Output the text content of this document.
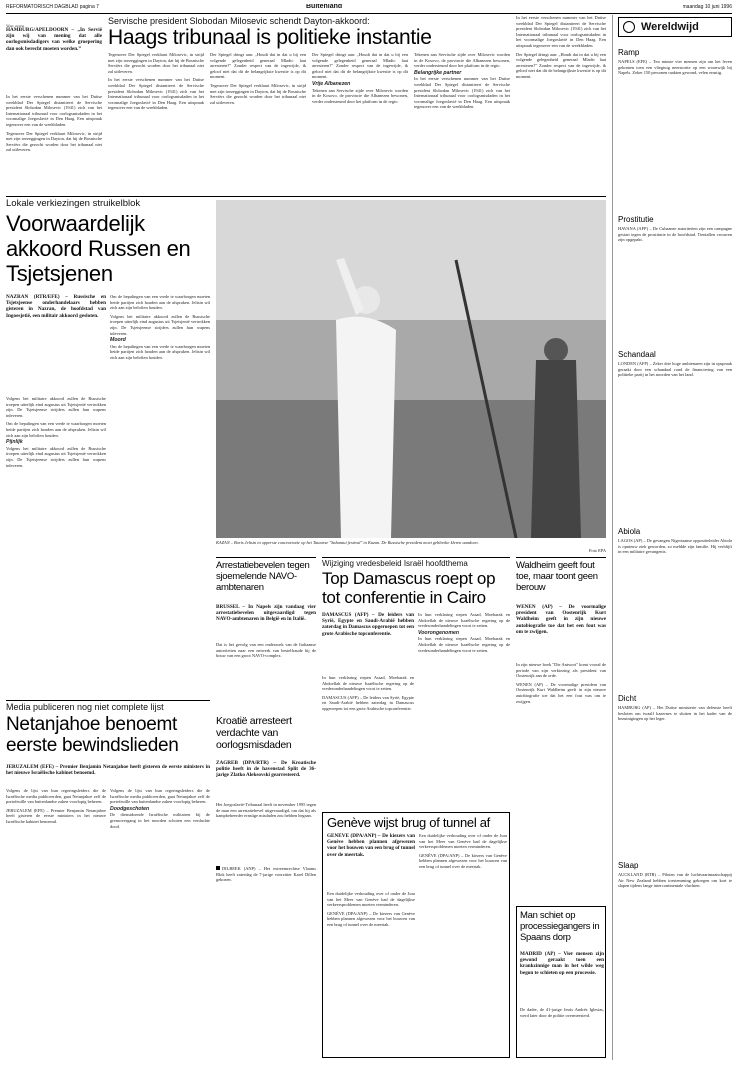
REFORMATORISCH DAGBLAD pagina 7	Buitenland	maandag 10 juni 1996
Servische president Slobodan Milosevic schendt Dayton-akkoord:
Haags tribunaal is politieke instantie
HAMBURG/APELDOORN – „In Servië zijn wij van mening dat alle oorlogsmisdadigers van welke groepering dan ook berecht moeten worden.”

In het eerste verschenen nummer van het Duitse weekblad Der Spiegel distantieert de Servische president Slobodan Milosevic (1941) zich van het Internationaal tribunaal voor oorlogsmisdaden in het voormalige Joegoslavië in Den Haag. Een uitspraak tegenover een van de weekbladen.

Tegenover Der Spiegel verklaart Milosevic, in strijd met zijn toezeggingen in Dayton, dat hij de Bosnische Serviërs die gezocht worden door het tribunaal niet zal uitleveren.

Tegenover Der Spiegel verklaart Milosevic, in strijd met zijn toezeggingen in Dayton, dat hij de Bosnische Serviërs die gezocht worden door het tribunaal niet zal uitleveren.

In het eerste verschenen nummer van het Duitse weekblad Der Spiegel distantieert de Servische president Slobodan Milosevic (1941) zich van het Internationaal tribunaal voor oorlogsmisdaden in het voormalige Joegoslavië in Den Haag. Een uitspraak tegenover een van de weekbladen.

Der Spiegel dringt aan: „Houdt dat in dat u bij een volgende gelegenheid generaal Mladic laat arresteren?” Zonder respect van de ingewijde, ik geloof niet dat dit de belangrijkste kwestie is op dit moment.

Tegenover Der Spiegel verklaart Milosevic, in strijd met zijn toezeggingen in Dayton, dat hij de Bosnische Serviërs die gezocht worden door het tribunaal niet zal uitleveren.

Der Spiegel dringt aan: „Houdt dat in dat u bij een volgende gelegenheid generaal Mladic laat arresteren?” Zonder respect van de ingewijde, ik geloof niet dat dit de belangrijkste kwestie is op dit moment.

Vrije Albanezen

Tekenen aan Servische zijde over Milosevic worden in de Kosovo, de provincie die Albanezen bewonen, verder ondersteund door het platform in de regio.

Tekenen aan Servische zijde over Milosevic worden in de Kosovo, de provincie die Albanezen bewonen, verder ondersteund door het platform in de regio.

Belangrijke partner

In het eerste verschenen nummer van het Duitse weekblad Der Spiegel distantieert de Servische president Slobodan Milosevic (1941) zich van het Internationaal tribunaal voor oorlogsmisdaden in het voormalige Joegoslavië in Den Haag. Een uitspraak tegenover een van de weekbladen.

In het eerste verschenen nummer van het Duitse weekblad Der Spiegel distantieert de Servische president Slobodan Milosevic (1941) zich van het Internationaal tribunaal voor oorlogsmisdaden in het voormalige Joegoslavië in Den Haag. Een uitspraak tegenover een van de weekbladen.

Der Spiegel dringt aan: „Houdt dat in dat u bij een volgende gelegenheid generaal Mladic laat arresteren?” Zonder respect van de ingewijde, ik geloof niet dat dit de belangrijkste kwestie is op dit moment.

Wereldwijd
Ramp
NAPELS (EFE) – Ten minste vier mensen zijn om het leven gekomen toen een vliegtuig neerstortte op een woonwijk bij Napels. Zeker 150 personen raakten gewond, velen ernstig.
Prostitutie
HAVANA (AFP) – De Cubaanse autoriteiten zijn een campagne gestart tegen de prostitutie in de hoofdstad. Tientallen vrouwen zijn opgepakt.
Schandaal
LONDEN (AFP) – Zeker drie hoge ambtenaren zijn in opspraak geraakt door een schandaal rond de financiering van een politieke partij in het noorden van het land.
Abiola
LAGOS (AP) – De gevangen Nigeriaanse oppositieleider Abiola is opnieuw ziek geworden, zo meldde zijn familie. Hij verblijft in een militaire gevangenis.
Dicht
HAMBURG (AP) – Het Duitse ministerie van defensie heeft besloten om twaalf kazernes te sluiten in het kader van de bezuinigingen op het leger.
Slaap
AUCKLAND (RTR) – Piloten van de luchtvaartmaatschappij Air New Zealand hebben toestemming gekregen om kort te slapen tijdens lange intercontinentale vluchten.
Lokale verkiezingen struikelblok
Voorwaardelijk akkoord Russen en Tsjetsjenen
NAZRAN (RTR/EFE) – Russische en Tsjetsjeense onderhandelaars hebben gisteren in Nazran, de hoofdstad van Ingoesjetië, een militair akkoord gesloten.

Volgens het militaire akkoord zullen de Russische troepen uiterlijk eind augustus uit Tsjetsjenië vertrokken zijn. De Tsjetsjeense strijders zullen hun wapens inleveren.

Om de bepalingen van een vrede te waarborgen moeten beide partijen zich houden aan de afspraken. Jeltsin wil zich aan zijn beloften houden.

Pijnlijk

Volgens het militaire akkoord zullen de Russische troepen uiterlijk eind augustus uit Tsjetsjenië vertrokken zijn. De Tsjetsjeense strijders zullen hun wapens inleveren.

Om de bepalingen van een vrede te waarborgen moeten beide partijen zich houden aan de afspraken. Jeltsin wil zich aan zijn beloften houden.

Volgens het militaire akkoord zullen de Russische troepen uiterlijk eind augustus uit Tsjetsjenië vertrokken zijn. De Tsjetsjeense strijders zullen hun wapens inleveren.

Moord

Om de bepalingen van een vrede te waarborgen moeten beide partijen zich houden aan de afspraken. Jeltsin wil zich aan zijn beloften houden.

KAZAN – Boris Jeltsin in opperste concentratie op het Tataarse "Sabantui festival" in Kazan. De Russische president moet gebleekte kleren aandoen.
Foto EPA
Arrestatiebevelen tegen sjoemelende NAVO-ambtenaren
BRUSSEL – In Napels zijn vandaag vier arrestatiebevelen uitgevaardigd tegen NAVO-ambtenaren in België en in Italië.
Dat is het gevolg van een onderzoek van de Italiaanse autoriteiten naar een netwerk van bestelfraude bij de bouw van een groot NAVO-complex.
Kroatië arresteert verdachte van oorlogsmisdaden
ZAGREB (DPA/RTR) – De Kroatische politie heeft in de havenstad Split de 36-jarige Zlatko Aleksovski gearresteerd.
Het Joegoslavië-Tribunaal heeft in november 1995 tegen de man een arrestatiebevel uitgevaardigd, om dat hij als kampbeheerder ernstige misdaden zou hebben begaan.
DILBEEK (ANP) – Het extreemrechtse Vlaams Blok heeft zaterdag de 7-jarige voorzitter Karel Dillen gekozen.
Wijziging vredesbeleid Israël hoofdthema
Top Damascus roept op tot conferentie in Cairo
DAMASCUS (AFP) – De leiders van Syrië, Egypte en Saudi-Arabië hebben zaterdag in Damascus opgeroepen tot een grote Arabische topconferentie.

In hun verklaring riepen Assad, Moebarak en Abdoellah de nieuwe Israëlische regering op de vredesonderhandelingen voort te zetten.

DAMASCUS (AFP) – De leiders van Syrië, Egypte en Saudi-Arabië hebben zaterdag in Damascus opgeroepen tot een grote Arabische topconferentie.

In hun verklaring riepen Assad, Moebarak en Abdoellah de nieuwe Israëlische regering op de vredesonderhandelingen voort te zetten.

Voorongenomen

In hun verklaring riepen Assad, Moebarak en Abdoellah de nieuwe Israëlische regering op de vredesonderhandelingen voort te zetten.

Genève wijst brug of tunnel af
GENÈVE (DPA/ANP) – De kiezers van Genève hebben plannen afgewezen voor het bouwen van een brug of tunnel over de meertak.

Een duidelijke verhouding over of onder de Jura van het Meer van Genève had de dagelijkse verkeersproblemen moeten verminderen.

GENÈVE (DPA/ANP) – De kiezers van Genève hebben plannen afgewezen voor het bouwen van een brug of tunnel over de meertak.

Een duidelijke verhouding over of onder de Jura van het Meer van Genève had de dagelijkse verkeersproblemen moeten verminderen.

GENÈVE (DPA/ANP) – De kiezers van Genève hebben plannen afgewezen voor het bouwen van een brug of tunnel over de meertak.

Waldheim geeft fout toe, maar toont geen berouw
WENEN (AP) – De voormalige president van Oostenrijk Kurt Waldheim geeft in zijn nieuwe autobiografie toe dat het een fout was om te zwijgen.

In zijn nieuwe boek "Die Antwort" komt vooral de periode van zijn verkiezing als president van Oostenrijk aan de orde.

WENEN (AP) – De voormalige president van Oostenrijk Kurt Waldheim geeft in zijn nieuwe autobiografie toe dat het een fout was om te zwijgen.

Man schiet op processiegangers in Spaans dorp
MADRID (AP) – Vier mensen zijn gewond geraakt toen een krankzinnige man in het wilde weg begon te schieten op een processie.
De dader, de 41-jarige Jesús Andrés Iglesias, werd later door de politie overmeesterd.
Media publiceren nog niet complete lijst
Netanjahoe benoemt eerste bewindslieden
JERUZALEM (EFE) – Premier Benjamin Netanjahoe heeft gisteren de eerste ministers in het nieuwe Israëlische kabinet benoemd.

Volgens de lijst van hun regeringsleiders die de Israëlische media publiceerden, gaat Netanjahoe zelf de portefeuille van buitenlandse zaken voorlopig beheren.

JERUZALEM (EFE) – Premier Benjamin Netanjahoe heeft gisteren de eerste ministers in het nieuwe Israëlische kabinet benoemd.

Volgens de lijst van hun regeringsleiders die de Israëlische media publiceerden, gaat Netanjahoe zelf de portefeuille van buitenlandse zaken voorlopig beheren.

Doodgeschoten

De dienstdoende Israëlische militairen bij de grensovergang in het noorden schoten een verdachte dood.
